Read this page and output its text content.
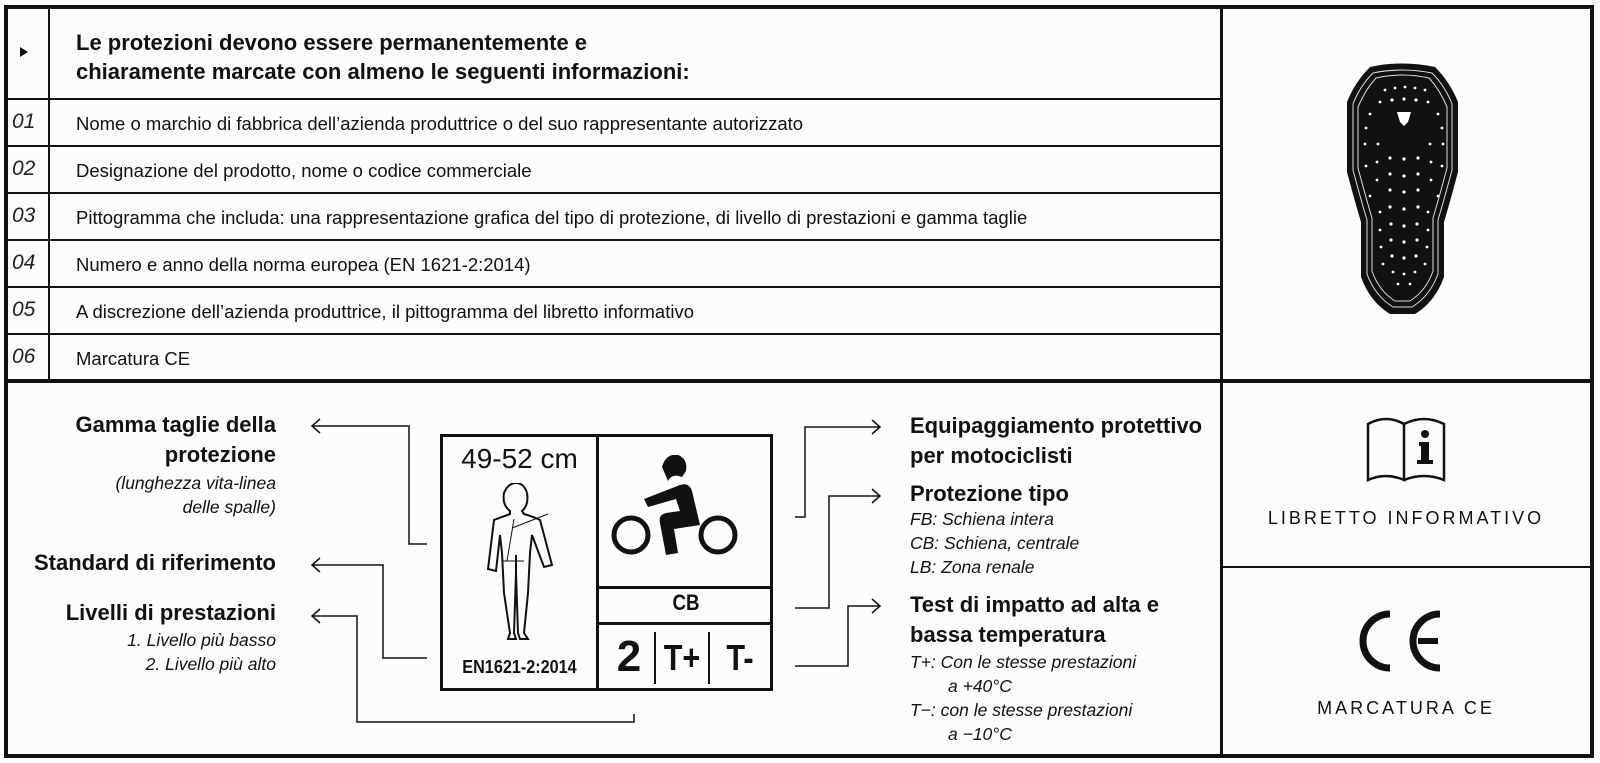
Le protezioni devono essere permanentemente e
chiaramente marcate con almeno le seguenti informazioni:
01 Nome o marchio di fabbrica dell’azienda produttrice o del suo rappresentante autorizzato
02 Designazione del prodotto, nome o codice commerciale
03 Pittogramma che includa: una rappresentazione grafica del tipo di protezione, di livello di prestazioni e gamma taglie
04 Numero e anno della norma europea (EN 1621-2:2014)
05 A discrezione dell’azienda produttrice, il pittogramma del libretto informativo
06 Marcatura CE
Gamma taglie della
protezione
(lunghezza vita-linea
delle spalle)
Standard di riferimento
Livelli di prestazioni
1. Livello più basso
2. Livello più alto
49-52 cm
EN1621-2:2014
CB
2 T+ T-
Equipaggiamento protettivo
per motociclisti
Protezione tipo
FB: Schiena intera
CB: Schiena, centrale
LB: Zona renale
Test di impatto ad alta e
bassa temperatura
T+: Con le stesse prestazioni
a +40°C
T−: con le stesse prestazioni
a −10°C
LIBRETTO INFORMATIVO
MARCATURA CE
